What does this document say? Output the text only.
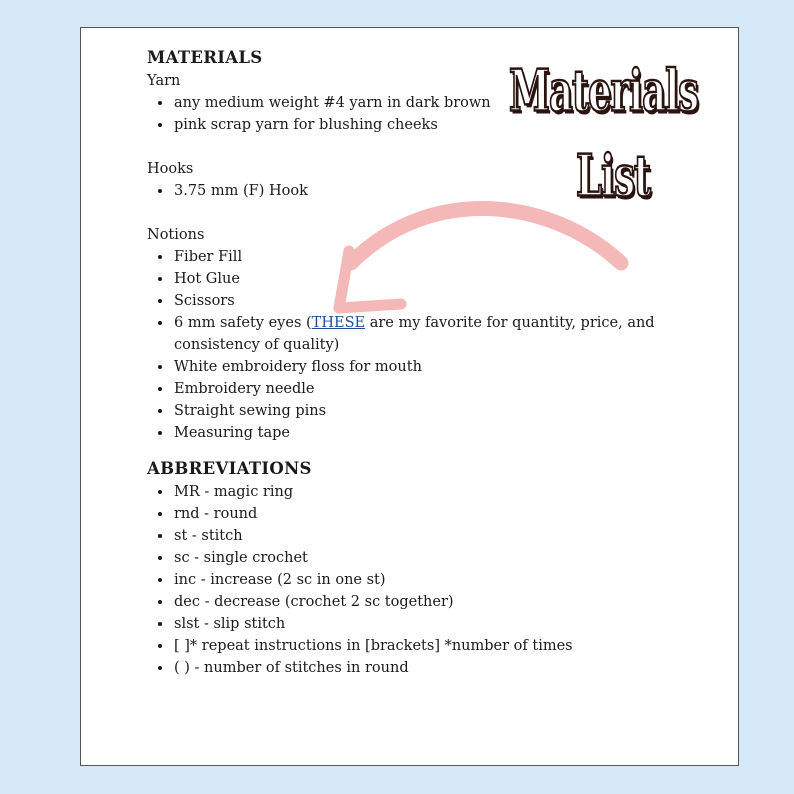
MATERIALS

Yarn

• any medium weight #4 yarn in dark brown
• pink scrap yarn for blushing cheeks

Hooks

• 3.75 mm (F) Hook

Notions

• Fiber Fill
• Hot Glue
• Scissors
• 6 mm safety eyes (THESE are my favorite for quantity, price, and consistency of quality)
• White embroidery floss for mouth
• Embroidery needle
• Straight sewing pins
• Measuring tape
ABBREVIATIONS
• MR - magic ring
• rnd - round
• st - stitch
• sc - single crochet
• inc - increase (2 sc in one st)
• dec - decrease (crochet 2 sc together)
• slst - slip stitch
• [ ]* repeat instructions in [brackets] *number of times
• ( ) - number of stitches in round
Materials
List
